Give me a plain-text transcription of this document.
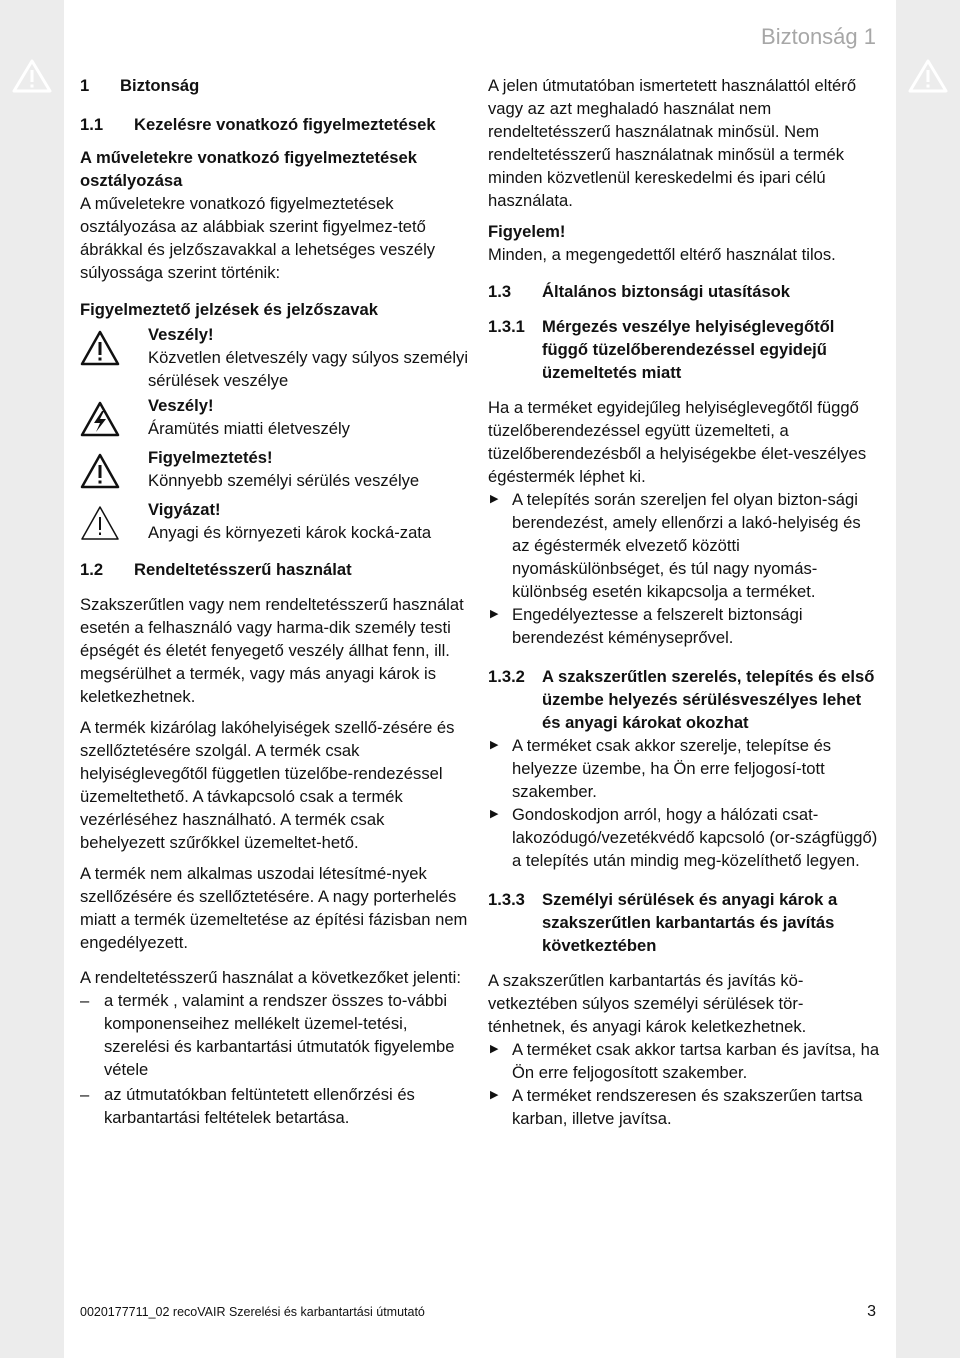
Biztonság 1
1	Biztonság
1.1	Kezelésre vonatkozó figyelmeztetések
A műveletekre vonatkozó figyelmeztetések osztályozása

A műveletekre vonatkozó figyelmeztetések osztályozása az alábbiak szerint figyelmez-tető ábrákkal és jelzőszavakkal a lehetséges veszély súlyossága szerint történik:

Figyelmeztető jelzések és jelzőszavak
Veszély!
Közvetlen életveszély vagy súlyos személyi sérülések veszélye
Veszély!
Áramütés miatti életveszély
Figyelmeztetés!
Könnyebb személyi sérülés veszélye
Vigyázat!
Anyagi és környezeti károk kocká-zata
1.2	Rendeltetésszerű használat

Szakszerűtlen vagy nem rendeltetésszerű használat esetén a felhasználó vagy harma-dik személy testi épségét és életét fenyegető veszély állhat fenn, ill. megsérülhet a termék, vagy más anyagi károk is keletkezhetnek.

A termék kizárólag lakóhelyiségek szellő-zésére és szellőztetésére szolgál. A termék csak helyiséglevegőtől független tüzelőbe-rendezéssel üzemeltethető. A távkapcsoló csak a termék vezérléséhez használható. A termék csak behelyezett szűrőkkel üzemeltet-hető.

A termék nem alkalmas uszodai létesítmé-nyek szellőzésére és szellőztetésére. A nagy porterhelés miatt a termék üzemeltetése az építési fázisban nem engedélyezett.

A rendeltetésszerű használat a következőket jelenti:

– a termék , valamint a rendszer összes to-vábbi komponenseihez mellékelt üzemel-tetési, szerelési és karbantartási útmutatók figyelembe vétele
– az útmutatókban feltüntetett ellenőrzési és karbantartási feltételek betartása.

A jelen útmutatóban ismertetett használattól eltérő vagy az azt meghaladó használat nem rendeltetésszerű használatnak minősül. Nem rendeltetésszerű használatnak minősül a termék minden közvetlenül kereskedelmi és ipari célú használata.

Figyelem!

Minden, a megengedettől eltérő használat tilos.

1.3	Általános biztonsági utasítások
1.3.1	Mérgezés veszélye helyiséglevegőtől függő tüzelőberendezéssel egyidejű üzemeltetés miatt

Ha a terméket egyidejűleg helyiséglevegőtől függő tüzelőberendezéssel együtt üzemelteti, a tüzelőberendezésből a helyiségekbe élet-veszélyes égéstermék léphet ki.

▶ A telepítés során szereljen fel olyan bizton-sági berendezést, amely ellenőrzi a lakó-helyiség és az égéstermék elvezető közötti nyomáskülönbséget, és túl nagy nyomás-különbség esetén kikapcsolja a terméket.
▶ Engedélyeztesse a felszerelt biztonsági berendezést kéményseprővel.
1.3.2	A szakszerűtlen szerelés, telepítés és első üzembe helyezés sérülésveszélyes lehet és anyagi károkat okozhat
▶ A terméket csak akkor szerelje, telepítse és helyezze üzembe, ha Ön erre feljogosí-tott szakember.
▶ Gondoskodjon arról, hogy a hálózati csat-lakozódugó/vezetékvédő kapcsoló (or-szágfüggő) a telepítés után mindig meg-közelíthető legyen.
1.3.3	Személyi sérülések és anyagi károk a szakszerűtlen karbantartás és javítás következtében

A szakszerűtlen karbantartás és javítás kö-vetkeztében súlyos személyi sérülések tör-ténhetnek, és anyagi károk keletkezhetnek.

▶ A terméket csak akkor tartsa karban és javítsa, ha Ön erre feljogosított szakember.
▶ A terméket rendszeresen és szakszerűen tartsa karban, illetve javítsa.
0020177711_02 recoVAIR Szerelési és karbantartási útmutató	3
